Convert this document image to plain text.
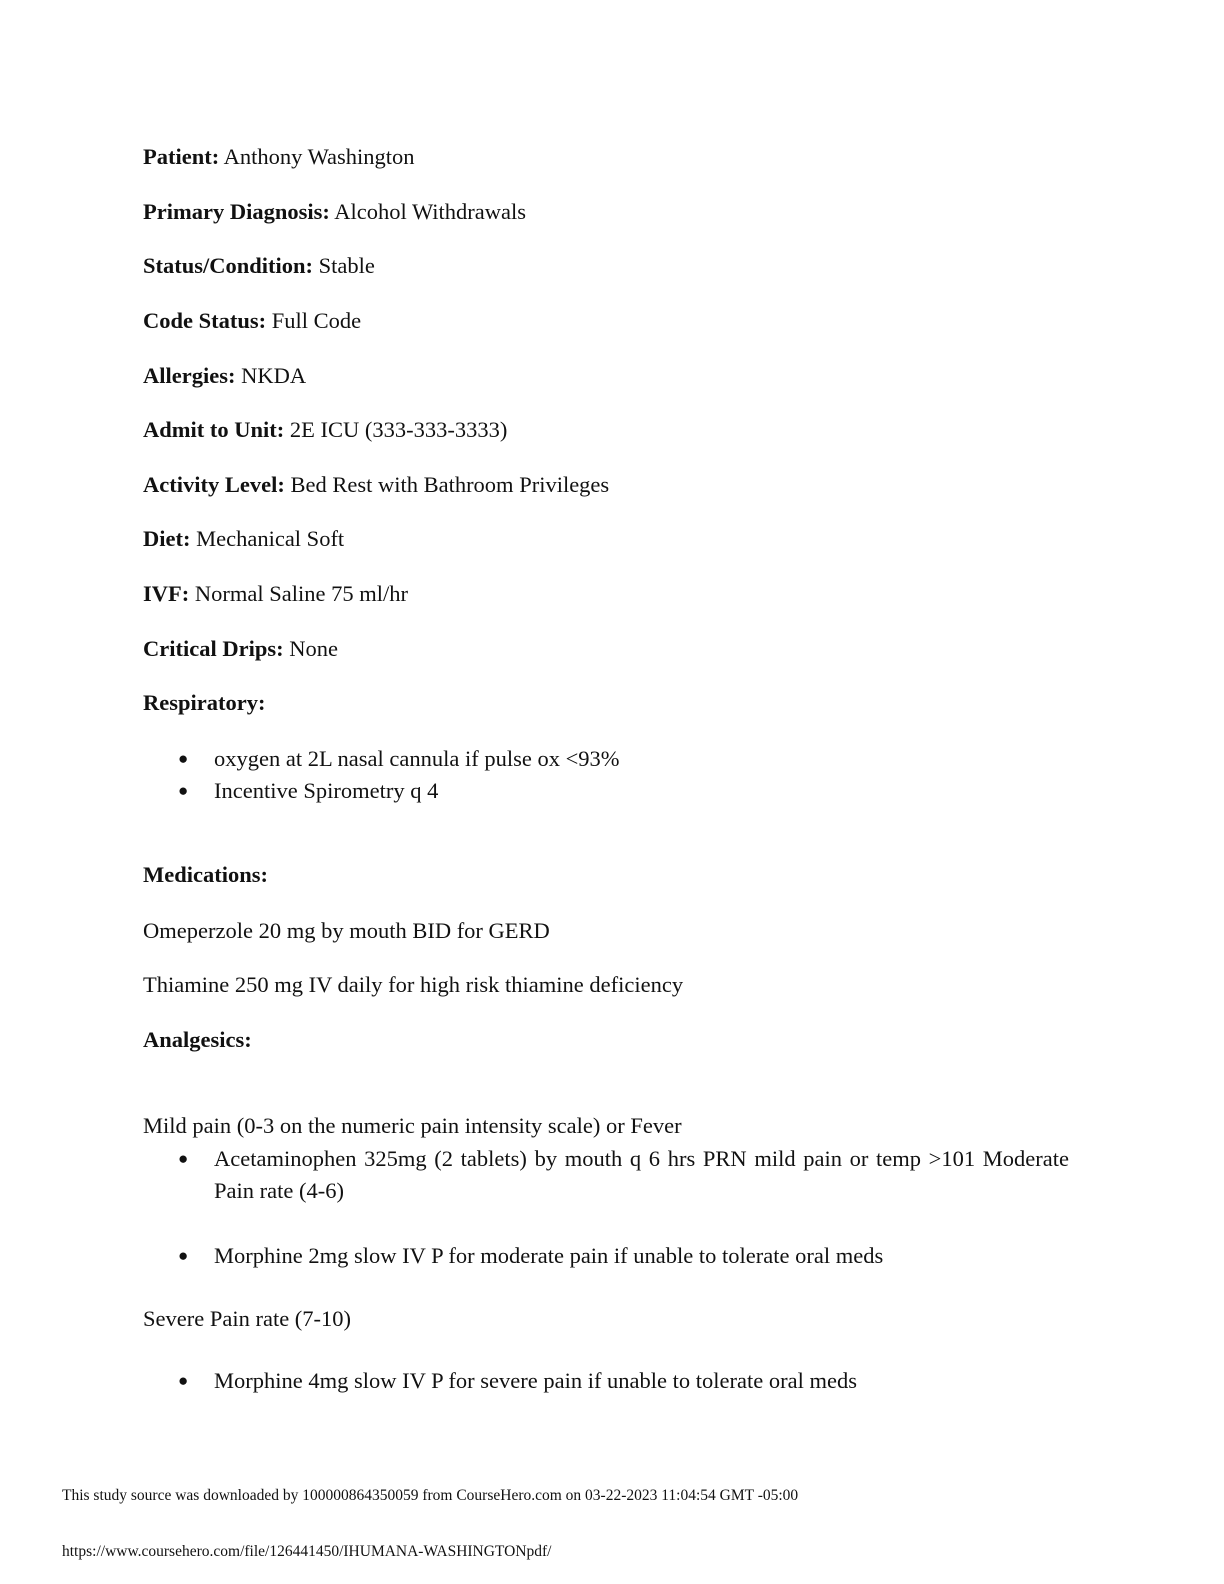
Patient: Anthony Washington
Primary Diagnosis: Alcohol Withdrawals
Status/Condition: Stable
Code Status: Full Code
Allergies: NKDA
Admit to Unit: 2E ICU (333-333-3333)
Activity Level: Bed Rest with Bathroom Privileges
Diet: Mechanical Soft
IVF: Normal Saline 75 ml/hr
Critical Drips: None
Respiratory:
●	oxygen at 2L nasal cannula if pulse ox <93%
●	Incentive Spirometry q 4
Medications:
Omeperzole 20 mg by mouth BID for GERD
Thiamine 250 mg IV daily for high risk thiamine deficiency
Analgesics:
Mild pain (0-3 on the numeric pain intensity scale) or Fever
●	Acetaminophen 325mg (2 tablets) by mouth q 6 hrs PRN mild pain or temp >101 Moderate Pain rate (4-6)
●	Morphine 2mg slow IV P for moderate pain if unable to tolerate oral meds
Severe Pain rate (7-10)
●	Morphine 4mg slow IV P for severe pain if unable to tolerate oral meds
This study source was downloaded by 100000864350059 from CourseHero.com on 03-22-2023 11:04:54 GMT -05:00
https://www.coursehero.com/file/126441450/IHUMANA-WASHINGTONpdf/
